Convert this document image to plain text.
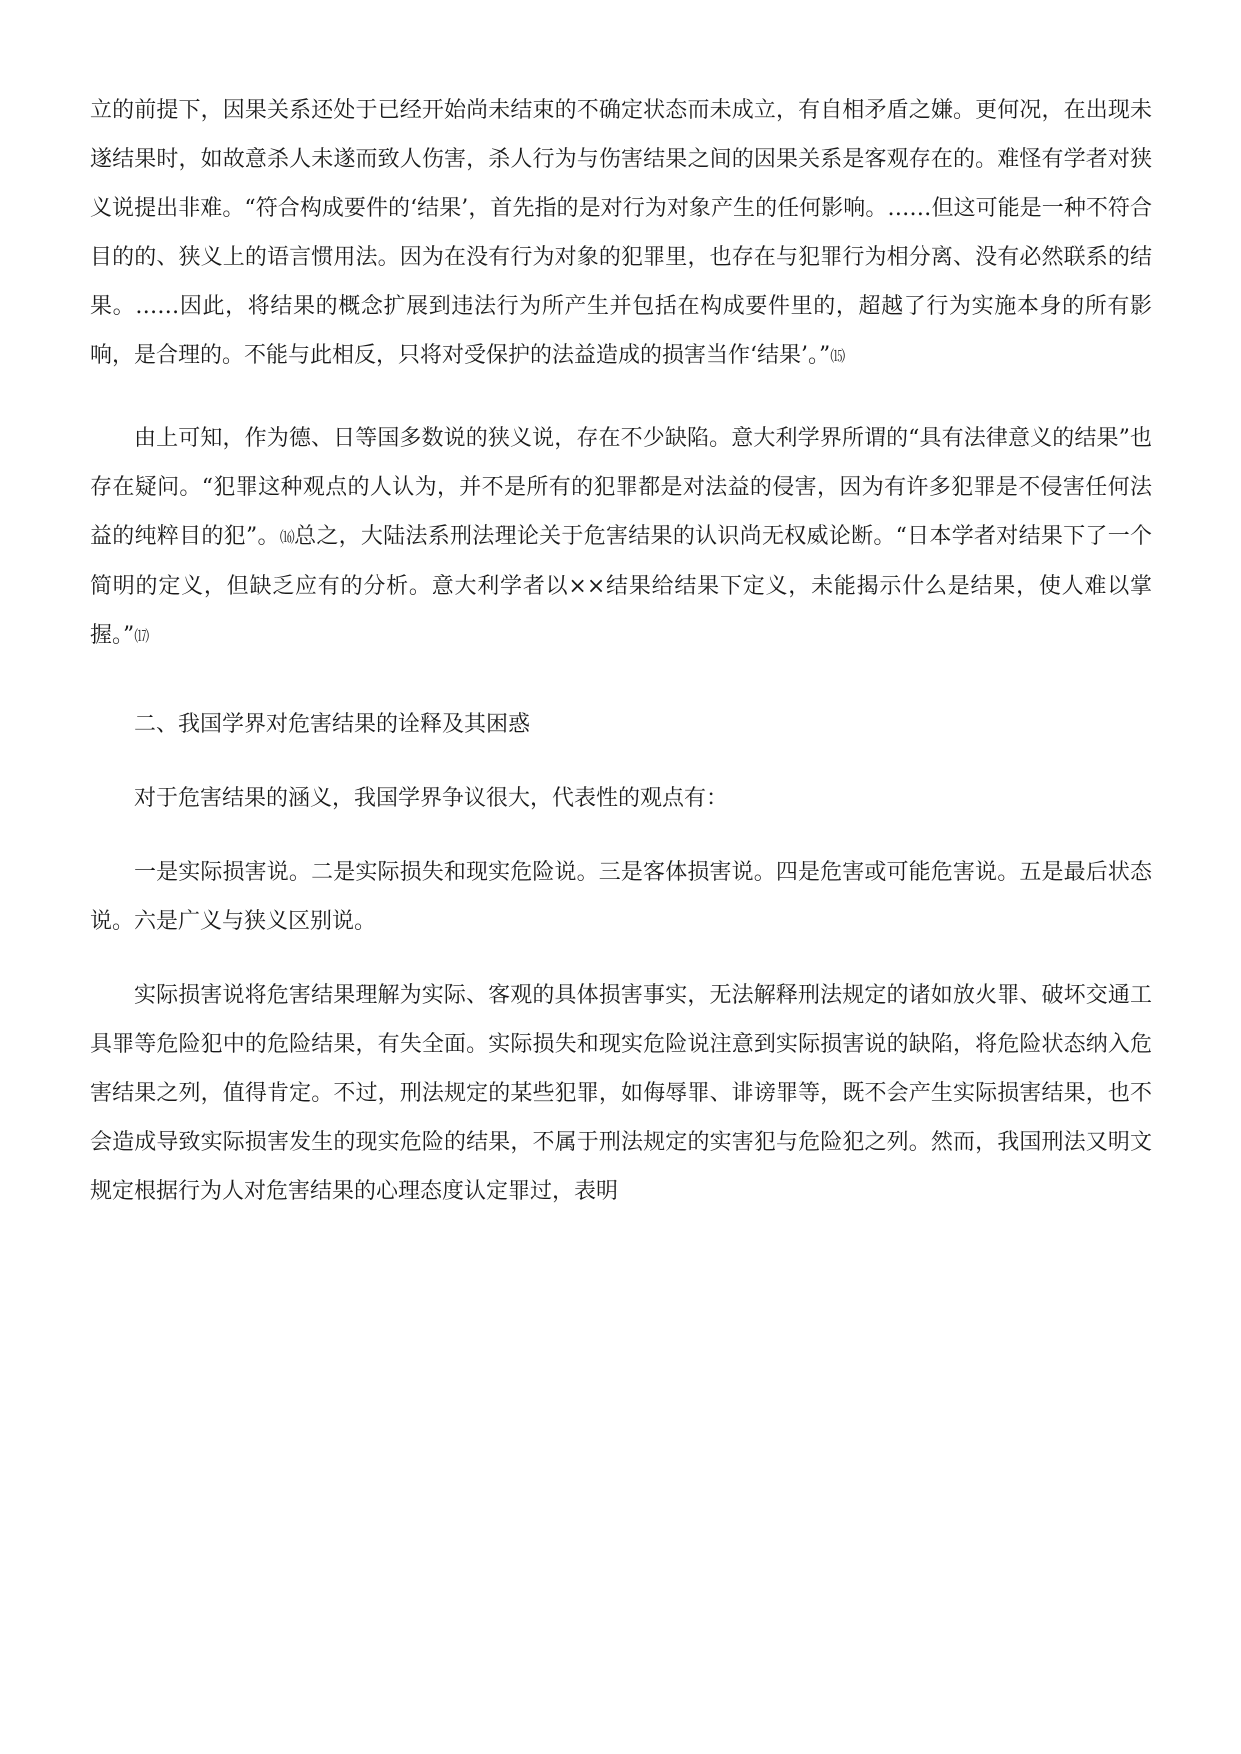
立的前提下，因果关系还处于已经开始尚未结束的不确定状态而未成立，有自相矛盾之嫌。更何况，在出现未遂结果时，如故意杀人未遂而致人伤害，杀人行为与伤害结果之间的因果关系是客观存在的。难怪有学者对狭义说提出非难。“符合构成要件的‘结果’，首先指的是对行为对象产生的任何影响。……但这可能是一种不符合目的的、狭义上的语言惯用法。因为在没有行为对象的犯罪里，也存在与犯罪行为相分离、没有必然联系的结果。……因此，将结果的概念扩展到违法行为所产生并包括在构成要件里的，超越了行为实施本身的所有影响，是合理的。不能与此相反，只将对受保护的法益造成的损害当作‘结果’。”⒂

由上可知，作为德、日等国多数说的狭义说，存在不少缺陷。意大利学界所谓的“具有法律意义的结果”也存在疑问。“犯罪这种观点的人认为，并不是所有的犯罪都是对法益的侵害，因为有许多犯罪是不侵害任何法益的纯粹目的犯”。⒃总之，大陆法系刑法理论关于危害结果的认识尚无权威论断。“日本学者对结果下了一个简明的定义，但缺乏应有的分析。意大利学者以××结果给结果下定义，未能揭示什么是结果，使人难以掌握。”⒄

二、我国学界对危害结果的诠释及其困惑

对于危害结果的涵义，我国学界争议很大，代表性的观点有：

一是实际损害说。二是实际损失和现实危险说。三是客体损害说。四是危害或可能危害说。五是最后状态说。六是广义与狭义区别说。

实际损害说将危害结果理解为实际、客观的具体损害事实，无法解释刑法规定的诸如放火罪、破坏交通工具罪等危险犯中的危险结果，有失全面。实际损失和现实危险说注意到实际损害说的缺陷，将危险状态纳入危害结果之列，值得肯定。不过，刑法规定的某些犯罪，如侮辱罪、诽谤罪等，既不会产生实际损害结果，也不会造成导致实际损害发生的现实危险的结果，不属于刑法规定的实害犯与危险犯之列。然而，我国刑法又明文规定根据行为人对危害结果的心理态度认定罪过，表明
